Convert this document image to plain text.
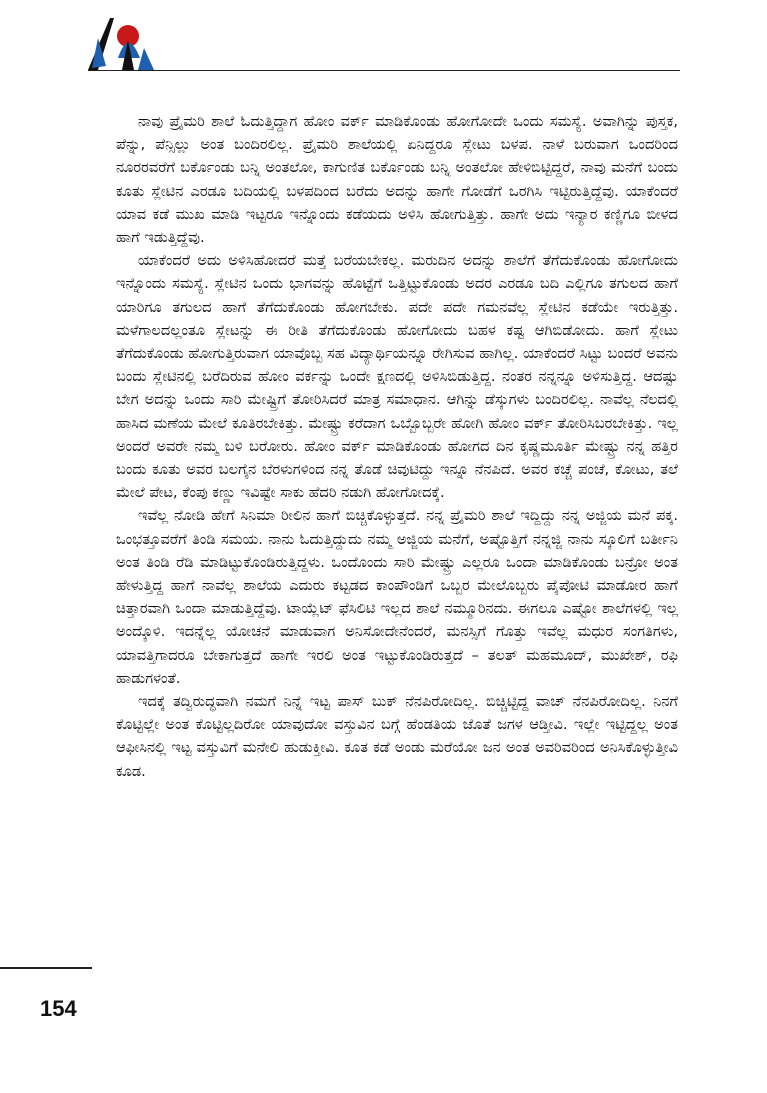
ನಾವು ಪ್ರೈಮರಿ ಶಾಲೆ ಓದುತ್ತಿದ್ದಾಗ ಹೋಂ ವರ್ಕ್ ಮಾಡಿಕೊಂಡು ಹೋಗೋದೇ ಒಂದು ಸಮಸ್ಯೆ. ಅವಾಗಿನ್ನು ಪುಸ್ತಕ, ಪೆನ್ನು, ಪೆನ್ಸಿಲ್ಲು ಅಂತ ಬಂದಿರಲಿಲ್ಲ. ಪ್ರೈಮರಿ ಶಾಲೆಯಲ್ಲಿ ಏನಿದ್ದರೂ ಸ್ಲೇಟು ಬಳಪ. ನಾಳೆ ಬರುವಾಗ ಒಂದರಿಂದ ನೂರರವರೆಗೆ ಬರ್ಕೊಂಡು ಬನ್ನಿ ಅಂತಲೋ, ಕಾಗುಣಿತ ಬರ್ಕೊಂಡು ಬನ್ನಿ ಅಂತಲೋ ಹೇಳಿಬಿಟ್ಟಿದ್ದರೆ, ನಾವು ಮನೆಗೆ ಬಂದು ಕೂತು ಸ್ಲೇಟಿನ ಎರಡೂ ಬದಿಯಲ್ಲಿ ಬಳಪದಿಂದ ಬರೆದು ಅದನ್ನು ಹಾಗೇ ಗೋಡೆಗೆ ಒರಗಿಸಿ ಇಟ್ಟಿರುತ್ತಿದ್ದೆವು. ಯಾಕೆಂದರೆ ಯಾವ ಕಡೆ ಮುಖ ಮಾಡಿ ಇಟ್ಟರೂ ಇನ್ನೊಂದು ಕಡೆಯದು ಅಳಿಸಿ ಹೋಗುತ್ತಿತ್ತು. ಹಾಗೇ ಅದು ಇನ್ಯಾರ ಕಣ್ಣಿಗೂ ಬೀಳದ ಹಾಗೆ ಇಡುತ್ತಿದ್ದೆವು.

ಯಾಕೆಂದರೆ ಅದು ಅಳಿಸಿಹೋದರೆ ಮತ್ತೆ ಬರೆಯಬೇಕಲ್ಲ. ಮರುದಿನ ಅದನ್ನು ಶಾಲೆಗೆ ತೆಗೆದುಕೊಂಡು ಹೋಗೋದು ಇನ್ನೊಂದು ಸಮಸ್ಯೆ. ಸ್ಲೇಟಿನ ಒಂದು ಭಾಗವನ್ನು ಹೊಟ್ಟೆಗೆ ಒತ್ತಿಟ್ಟುಕೊಂಡು ಅದರ ಎರಡೂ ಬದಿ ಎಲ್ಲಿಗೂ ತಗುಲದ ಹಾಗೆ ಯಾರಿಗೂ ತಗುಲದ ಹಾಗೆ ತೆಗೆದುಕೊಂಡು ಹೋಗಬೇಕು. ಪದೇ ಪದೇ ಗಮನವೆಲ್ಲ ಸ್ಲೇಟಿನ ಕಡೆಯೇ ಇರುತ್ತಿತ್ತು. ಮಳೆಗಾಲದಲ್ಲಂತೂ ಸ್ಲೇಟನ್ನು ಈ ರೀತಿ ತೆಗೆದುಕೊಂಡು ಹೋಗೋದು ಬಹಳ ಕಷ್ಟ ಆಗಿಬಿಡೋದು. ಹಾಗೆ ಸ್ಲೇಟು ತೆಗೆದುಕೊಂಡು ಹೋಗುತ್ತಿರುವಾಗ ಯಾವೊಬ್ಬ ಸಹ ವಿದ್ಯಾರ್ಥಿಯನ್ನೂ ರೇಗಿಸುವ ಹಾಗಿಲ್ಲ. ಯಾಕೆಂದರೆ ಸಿಟ್ಟು ಬಂದರೆ ಅವನು ಬಂದು ಸ್ಲೇಟಿನಲ್ಲಿ ಬರೆದಿರುವ ಹೋಂ ವರ್ಕನ್ನು ಒಂದೇ ಕ್ಷಣದಲ್ಲಿ ಅಳಿಸಿಬಿಡುತ್ತಿದ್ದ. ನಂತರ ನನ್ನನ್ನೂ ಅಳಿಸುತ್ತಿದ್ದ. ಆದಷ್ಟು ಬೇಗ ಅದನ್ನು ಒಂದು ಸಾರಿ ಮೇಷ್ಟ್ರಿಗೆ ತೋರಿಸಿದರೆ ಮಾತ್ರ ಸಮಾಧಾನ. ಆಗಿನ್ನು ಡೆಸ್ಕುಗಳು ಬಂದಿರಲಿಲ್ಲ. ನಾವೆಲ್ಲ ನೆಲದಲ್ಲಿ ಹಾಸಿದ ಮಣೆಯ ಮೇಲೆ ಕೂತಿರಬೇಕಿತ್ತು. ಮೇಷ್ಟ್ರು ಕರೆದಾಗ ಒಬ್ಬೊಬ್ಬರೇ ಹೋಗಿ ಹೋಂ ವರ್ಕ್ ತೋರಿಸಿಬರಬೇಕಿತ್ತು. ಇಲ್ಲ ಅಂದರೆ ಅವರೇ ನಮ್ಮ ಬಳಿ ಬರೋರು. ಹೋಂ ವರ್ಕ್ ಮಾಡಿಕೊಂಡು ಹೋಗದ ದಿನ ಕೃಷ್ಣಮೂರ್ತಿ ಮೇಷ್ಟ್ರು ನನ್ನ ಹತ್ತಿರ ಬಂದು ಕೂತು ಅವರ ಬಲಗೈನ ಬೆರಳುಗಳಿಂದ ನನ್ನ ತೊಡೆ ಚಿವುಟಿದ್ದು ಇನ್ನೂ ನೆನಪಿದೆ. ಅವರ ಕಚ್ಚೆ ಪಂಚೆ, ಕೋಟು, ತಲೆ ಮೇಲೆ ಪೇಟ, ಕೆಂಪು ಕಣ್ಣು ಇವಿಷ್ಟೇ ಸಾಕು ಹೆದರಿ ನಡುಗಿ ಹೋಗೋದಕ್ಕೆ.

ಇವೆಲ್ಲ ನೋಡಿ ಹೇಗೆ ಸಿನಿಮಾ ರೀಲಿನ ಹಾಗೆ ಬಿಚ್ಚಿಕೊಳ್ಳುತ್ತದೆ. ನನ್ನ ಪ್ರೈಮರಿ ಶಾಲೆ ಇದ್ದಿದ್ದು ನನ್ನ ಅಜ್ಜಿಯ ಮನೆ ಪಕ್ಕ. ಒಂಭತ್ತೂವರೆಗೆ ತಿಂಡಿ ಸಮಯ. ನಾನು ಓದುತ್ತಿದ್ದುದು ನಮ್ಮ ಅಜ್ಜಿಯ ಮನೆಗೆ, ಅಷ್ಟೊತ್ತಿಗೆ ನನ್ನಜ್ಜಿ ನಾನು ಸ್ಕೂಲಿಗೆ ಬರ್ತೀನಿ ಅಂತ ತಿಂಡಿ ರೆಡಿ ಮಾಡಿಟ್ಟುಕೊಂಡಿರುತ್ತಿದ್ದಳು. ಒಂದೊಂದು ಸಾರಿ ಮೇಷ್ಟ್ರು ಎಲ್ಲರೂ ಒಂದಾ ಮಾಡಿಕೊಂಡು ಬನ್ರೋ ಅಂತ ಹೇಳುತ್ತಿದ್ದ ಹಾಗೆ ನಾವೆಲ್ಲ ಶಾಲೆಯ ಎದುರು ಕಟ್ಟಡದ ಕಾಂಪೌಂಡಿಗೆ ಒಬ್ಬರ ಮೇಲೊಬ್ಬರು ಪೈಪೋಟಿ ಮಾಡೋರ ಹಾಗೆ ಚಿತ್ತಾರವಾಗಿ ಒಂದಾ ಮಾಡುತ್ತಿದ್ದೆವು. ಟಾಯ್ಲೆಟ್ ಫೆಸಿಲಿಟಿ ಇಲ್ಲದ ಶಾಲೆ ನಮ್ಮೂರಿನದು. ಈಗಲೂ ಎಷ್ಟೋ ಶಾಲೆಗಳಲ್ಲಿ ಇಲ್ಲ ಅಂದ್ಕೊಳಿ. ಇದನ್ನೆಲ್ಲ ಯೋಚನೆ ಮಾಡುವಾಗ ಅನಿಸೋದೇನೆಂದರೆ, ಮನಸ್ಸಿಗೆ ಗೊತ್ತು ಇವೆಲ್ಲ ಮಧುರ ಸಂಗತಿಗಳು, ಯಾವತ್ತಿಗಾದರೂ ಬೇಕಾಗುತ್ತದೆ ಹಾಗೇ ಇರಲಿ ಅಂತ ಇಟ್ಟುಕೊಂಡಿರುತ್ತದೆ – ತಲತ್ ಮಹಮೂದ್, ಮುಖೇಶ್, ರಫಿ ಹಾಡುಗಳಂತೆ.

ಇದಕ್ಕೆ ತದ್ವಿರುದ್ಧವಾಗಿ ನಮಗೆ ನಿನ್ನೆ ಇಟ್ಟ ಪಾಸ್ ಬುಕ್ ನೆನಪಿರೋದಿಲ್ಲ. ಬಿಚ್ಚಿಟ್ಟಿದ್ದ ವಾಚ್ ನೆನಪಿರೋದಿಲ್ಲ. ನಿನಗೆ ಕೊಟ್ಟಿಲ್ಲೇ ಅಂತ ಕೊಟ್ಟಿಲ್ಲದಿರೋ ಯಾವುದೋ ವಸ್ತುವಿನ ಬಗ್ಗೆ ಹೆಂಡತಿಯ ಜೊತೆ ಜಗಳ ಆಡ್ತೀವಿ. ಇಲ್ಲೇ ಇಟ್ಟಿದ್ದಲ್ಲ ಅಂತ ಆಫೀಸಿನಲ್ಲಿ ಇಟ್ಟ ವಸ್ತುವಿಗೆ ಮನೇಲಿ ಹುಡುಕ್ತೀವಿ. ಕೂತ ಕಡೆ ಅಂಡು ಮರೆಯೋ ಜನ ಅಂತ ಅವರಿವರಿಂದ ಅನಿಸಿಕೊಳ್ಳುತ್ತೀವಿ ಕೂಡ.

154
